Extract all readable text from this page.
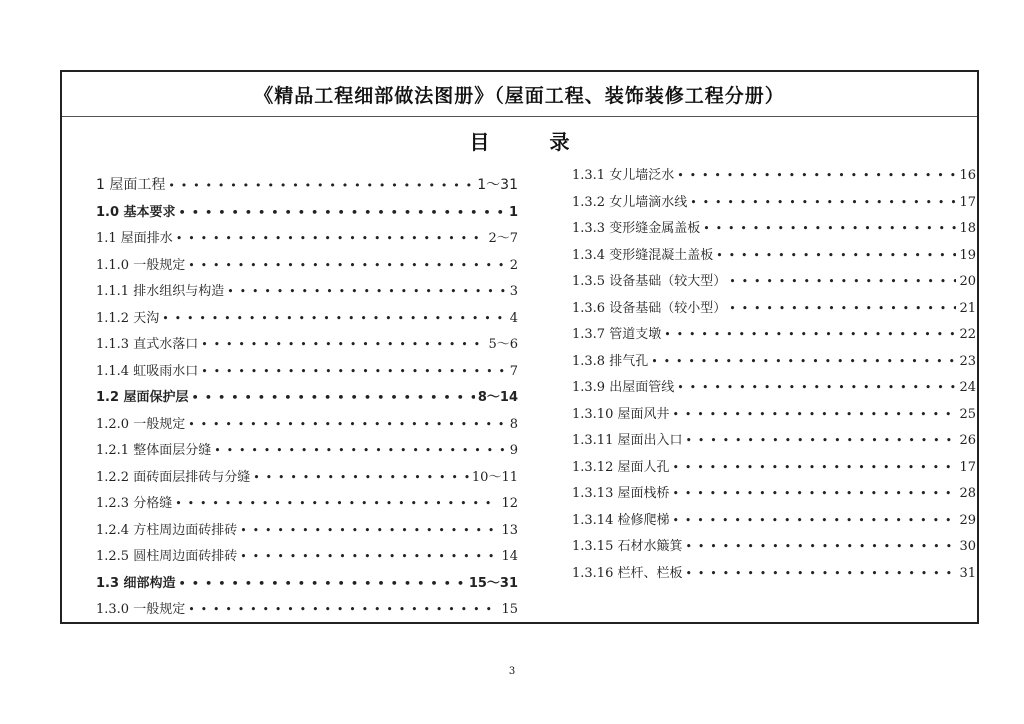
《精品工程细部做法图册》（屋面工程、装饰装修工程分册）
目录
1 屋面工程 • • •	1～31
1.0 基本要求 • • •	1
1.1 屋面排水 • • •	2～7
1.1.0 一般规定 • • •	2
1.1.1 排水组织与构造 • • •	3
1.1.2 天沟 • • •	4
1.1.3 直式水落口 • • •	5～6
1.1.4 虹吸雨水口 • • •	7
1.2 屋面保护层 • • •	8～14
1.2.0 一般规定 • • •	8
1.2.1 整体面层分缝 • • •	9
1.2.2 面砖面层排砖与分缝 • • •	10～11
1.2.3 分格缝 • • •	12
1.2.4 方柱周边面砖排砖 • • •	13
1.2.5 圆柱周边面砖排砖 • • •	14
1.3 细部构造 • • •	15～31
1.3.0 一般规定 • • •	15
1.3.1 女儿墙泛水 • • •	16
1.3.2 女儿墙滴水线 • • •	17
1.3.3 变形缝金属盖板 • • •	18
1.3.4 变形缝混凝土盖板 • • •	19
1.3.5 设备基础（较大型） • • •	20
1.3.6 设备基础（较小型） • • •	21
1.3.7 管道支墩 • • •	22
1.3.8 排气孔 • • •	23
1.3.9 出屋面管线 • • •	24
1.3.10 屋面风井 • • •	25
1.3.11 屋面出入口 • • •	26
1.3.12 屋面人孔 • • •	17
1.3.13 屋面栈桥 • • •	28
1.3.14 检修爬梯 • • •	29
1.3.15 石材水簸箕 • • •	30
1.3.16 栏杆、栏板 • • •	31
3
